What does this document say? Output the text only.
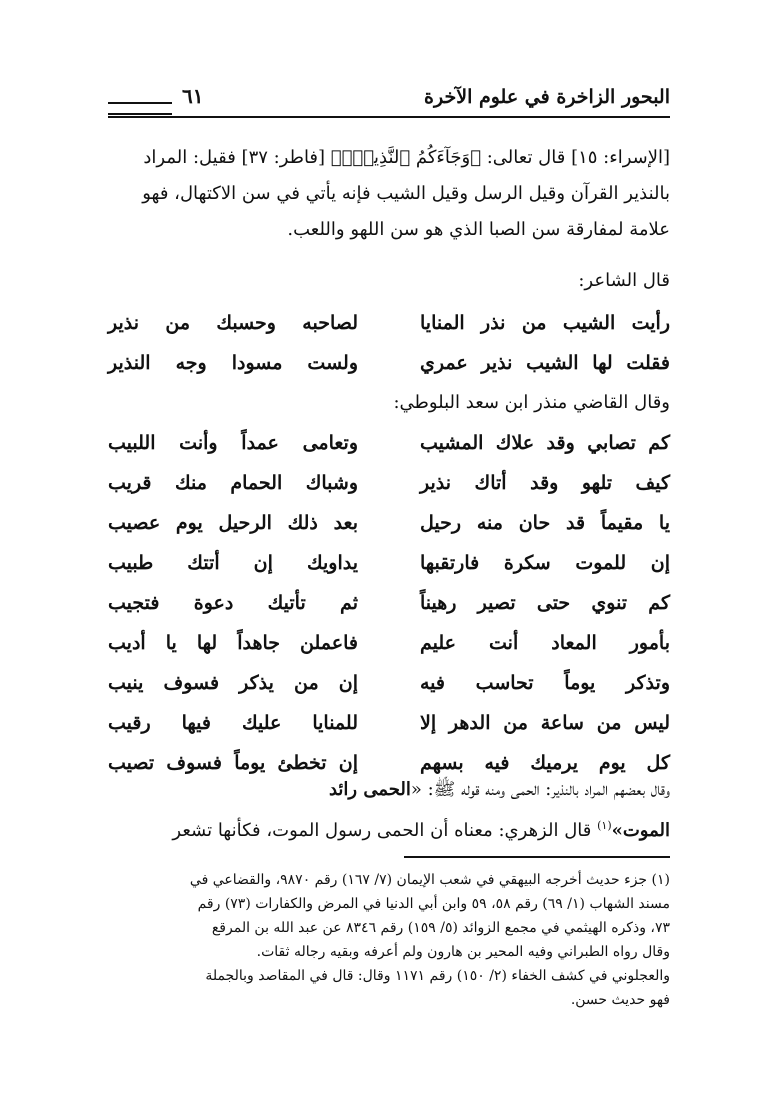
٦١	البحور الزاخرة في علوم الآخرة
[الإسراء: ١٥] قال تعالى: ﴿وَجَآءَكُمُ ٱلنَّذِيرُۖ﴾ [فاطر: ٣٧] فقيل: المراد
بالنذير القرآن وقيل الرسل وقيل الشيب فإنه يأتي في سن الاكتهال، فهو
علامة لمفارقة سن الصبا الذي هو سن اللهو واللعب.
قال الشاعر:
رأيت الشيب من نذر المنايا
لصاحبه وحسبك من نذير
فقلت لها الشيب نذير عمري
ولست مسودا وجه النذير
وقال القاضي منذر ابن سعد البلوطي:
كم تصابي وقد علاك المشيب
وتعامى عمداً وأنت اللبيب
كيف تلهو وقد أتاك نذير
وشباك الحمام منك قريب
يا مقيماً قد حان منه رحيل
بعد ذلك الرحيل يوم عصيب
إن للموت سكرة فارتقبها
يداويك إن أتتك طبيب
كم تنوي حتى تصير رهيناً
ثم تأتيك دعوة فتجيب
بأمور المعاد أنت عليم
فاعملن جاهداً لها يا أديب
وتذكر يوماً تحاسب فيه
إن من يذكر فسوف ينيب
ليس من ساعة من الدهر إلا
للمنايا عليك فيها رقيب
كل يوم يرميك فيه بسهم
إن تخطئ يوماً فسوف تصيب
وقال بعضهم المراد بالنذير: الحمى ومنه قوله ﷺ: «الحمى رائد
الموت»$^{(١)}$ قال الزهري: معناه أن الحمى رسول الموت، فكأنها تشعر
(١) جزء حديث أخرجه البيهقي في شعب الإيمان (٧/ ١٦٧) رقم ٩٨٧٠، والقضاعي في
مسند الشهاب (١/ ٦٩) رقم ٥٨، ٥٩ وابن أبي الدنيا في المرض والكفارات (٧٣) رقم
٧٣، وذكره الهيثمي في مجمع الزوائد (٥/ ١٥٩) رقم ٨٣٤٦ عن عبد الله بن المرقع
وقال رواه الطبراني وفيه المحير بن هارون ولم أعرفه وبقيه رجاله ثقات.
والعجلوني في كشف الخفاء (٢/ ١٥٠) رقم ١١٧١ وقال: قال في المقاصد وبالجملة
فهو حديث حسن.
